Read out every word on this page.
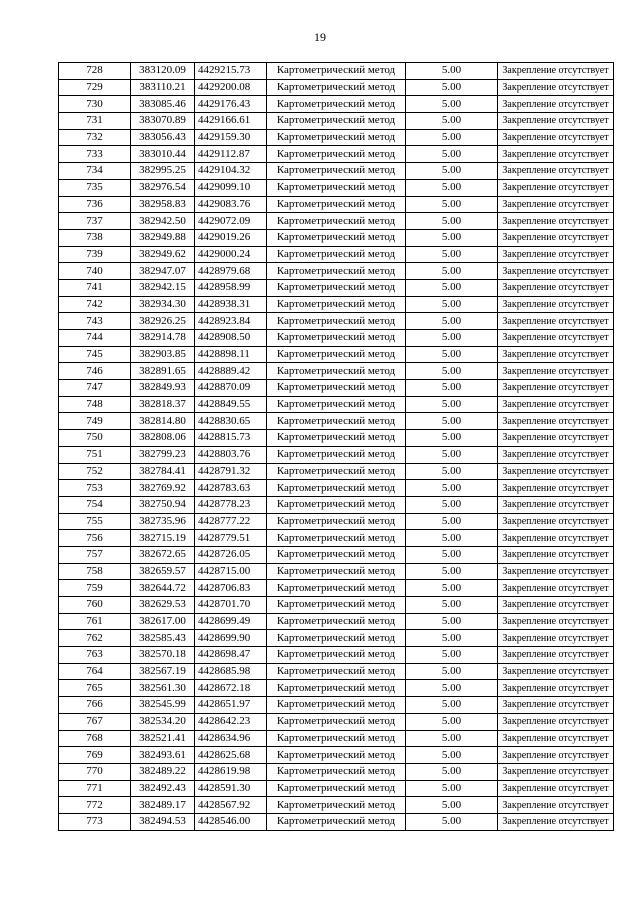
19
728	383120.09	4429215.73	Картометрический метод	5.00	Закрепление отсутствует
729	383110.21	4429200.08	Картометрический метод	5.00	Закрепление отсутствует
730	383085.46	4429176.43	Картометрический метод	5.00	Закрепление отсутствует
731	383070.89	4429166.61	Картометрический метод	5.00	Закрепление отсутствует
732	383056.43	4429159.30	Картометрический метод	5.00	Закрепление отсутствует
733	383010.44	4429112.87	Картометрический метод	5.00	Закрепление отсутствует
734	382995.25	4429104.32	Картометрический метод	5.00	Закрепление отсутствует
735	382976.54	4429099.10	Картометрический метод	5.00	Закрепление отсутствует
736	382958.83	4429083.76	Картометрический метод	5.00	Закрепление отсутствует
737	382942.50	4429072.09	Картометрический метод	5.00	Закрепление отсутствует
738	382949.88	4429019.26	Картометрический метод	5.00	Закрепление отсутствует
739	382949.62	4429000.24	Картометрический метод	5.00	Закрепление отсутствует
740	382947.07	4428979.68	Картометрический метод	5.00	Закрепление отсутствует
741	382942.15	4428958.99	Картометрический метод	5.00	Закрепление отсутствует
742	382934.30	4428938.31	Картометрический метод	5.00	Закрепление отсутствует
743	382926.25	4428923.84	Картометрический метод	5.00	Закрепление отсутствует
744	382914.78	4428908.50	Картометрический метод	5.00	Закрепление отсутствует
745	382903.85	4428898.11	Картометрический метод	5.00	Закрепление отсутствует
746	382891.65	4428889.42	Картометрический метод	5.00	Закрепление отсутствует
747	382849.93	4428870.09	Картометрический метод	5.00	Закрепление отсутствует
748	382818.37	4428849.55	Картометрический метод	5.00	Закрепление отсутствует
749	382814.80	4428830.65	Картометрический метод	5.00	Закрепление отсутствует
750	382808.06	4428815.73	Картометрический метод	5.00	Закрепление отсутствует
751	382799.23	4428803.76	Картометрический метод	5.00	Закрепление отсутствует
752	382784.41	4428791.32	Картометрический метод	5.00	Закрепление отсутствует
753	382769.92	4428783.63	Картометрический метод	5.00	Закрепление отсутствует
754	382750.94	4428778.23	Картометрический метод	5.00	Закрепление отсутствует
755	382735.96	4428777.22	Картометрический метод	5.00	Закрепление отсутствует
756	382715.19	4428779.51	Картометрический метод	5.00	Закрепление отсутствует
757	382672.65	4428726.05	Картометрический метод	5.00	Закрепление отсутствует
758	382659.57	4428715.00	Картометрический метод	5.00	Закрепление отсутствует
759	382644.72	4428706.83	Картометрический метод	5.00	Закрепление отсутствует
760	382629.53	4428701.70	Картометрический метод	5.00	Закрепление отсутствует
761	382617.00	4428699.49	Картометрический метод	5.00	Закрепление отсутствует
762	382585.43	4428699.90	Картометрический метод	5.00	Закрепление отсутствует
763	382570.18	4428698.47	Картометрический метод	5.00	Закрепление отсутствует
764	382567.19	4428685.98	Картометрический метод	5.00	Закрепление отсутствует
765	382561.30	4428672.18	Картометрический метод	5.00	Закрепление отсутствует
766	382545.99	4428651.97	Картометрический метод	5.00	Закрепление отсутствует
767	382534.20	4428642.23	Картометрический метод	5.00	Закрепление отсутствует
768	382521.41	4428634.96	Картометрический метод	5.00	Закрепление отсутствует
769	382493.61	4428625.68	Картометрический метод	5.00	Закрепление отсутствует
770	382489.22	4428619.98	Картометрический метод	5.00	Закрепление отсутствует
771	382492.43	4428591.30	Картометрический метод	5.00	Закрепление отсутствует
772	382489.17	4428567.92	Картометрический метод	5.00	Закрепление отсутствует
773	382494.53	4428546.00	Картометрический метод	5.00	Закрепление отсутствует
